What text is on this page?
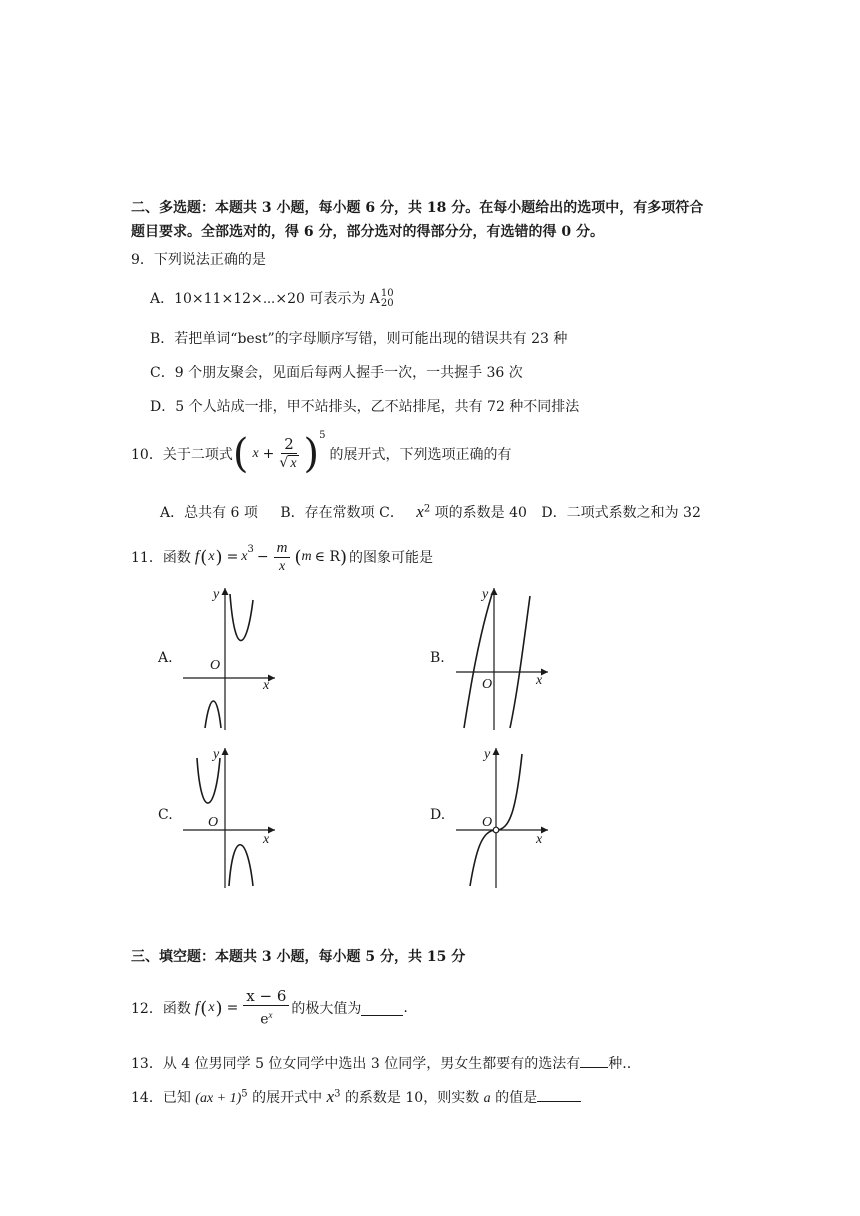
二、多选题：本题共 3 小题，每小题 6 分，共 18 分。在每小题给出的选项中，有多项符合
题目要求。全部选对的，得 6 分，部分选对的得部分分，有选错的得 0 分。
9．下列说法正确的是
A．10×11×12×⋯×20 可表示为 A 10
20
B．若把单词“best”的字母顺序写错，则可能出现的错误共有 23 种
C．9 个朋友聚会，见面后每两人握手一次，一共握手 36 次
D．5 个人站成一排，甲不站排头，乙不站排尾，共有 72 种不同排法
10．关于二项式 ( $x + \frac{2}{√ x}$ ) 5
的展开式，下列选项正确的有
A．总共有 6 项 B．存在常数项 C． $x^2$ 项的系数是 40 D．二项式系数之和为 32
11．函数 f ( x ) = x $3 - \frac{m}{x}$ ( m ∈ R ) 的图象可能是
A.	B.
C.	D.
y
x
O
y
x
O
y
x
O
y
x
O
三、填空题：本题共 3 小题，每小题 5 分，共 15 分
12．函数 f ( x ) = $\frac{x - 6}{e^x}$ 的极大值为	.
13．从 4 位男同学 5 位女同学中选出 3 位同学，男女生都要有的选法有 种..
14．已知 (ax + 1)$^5$ 的展开式中 $x^3$ 的系数是 10，则实数 a 的值是
